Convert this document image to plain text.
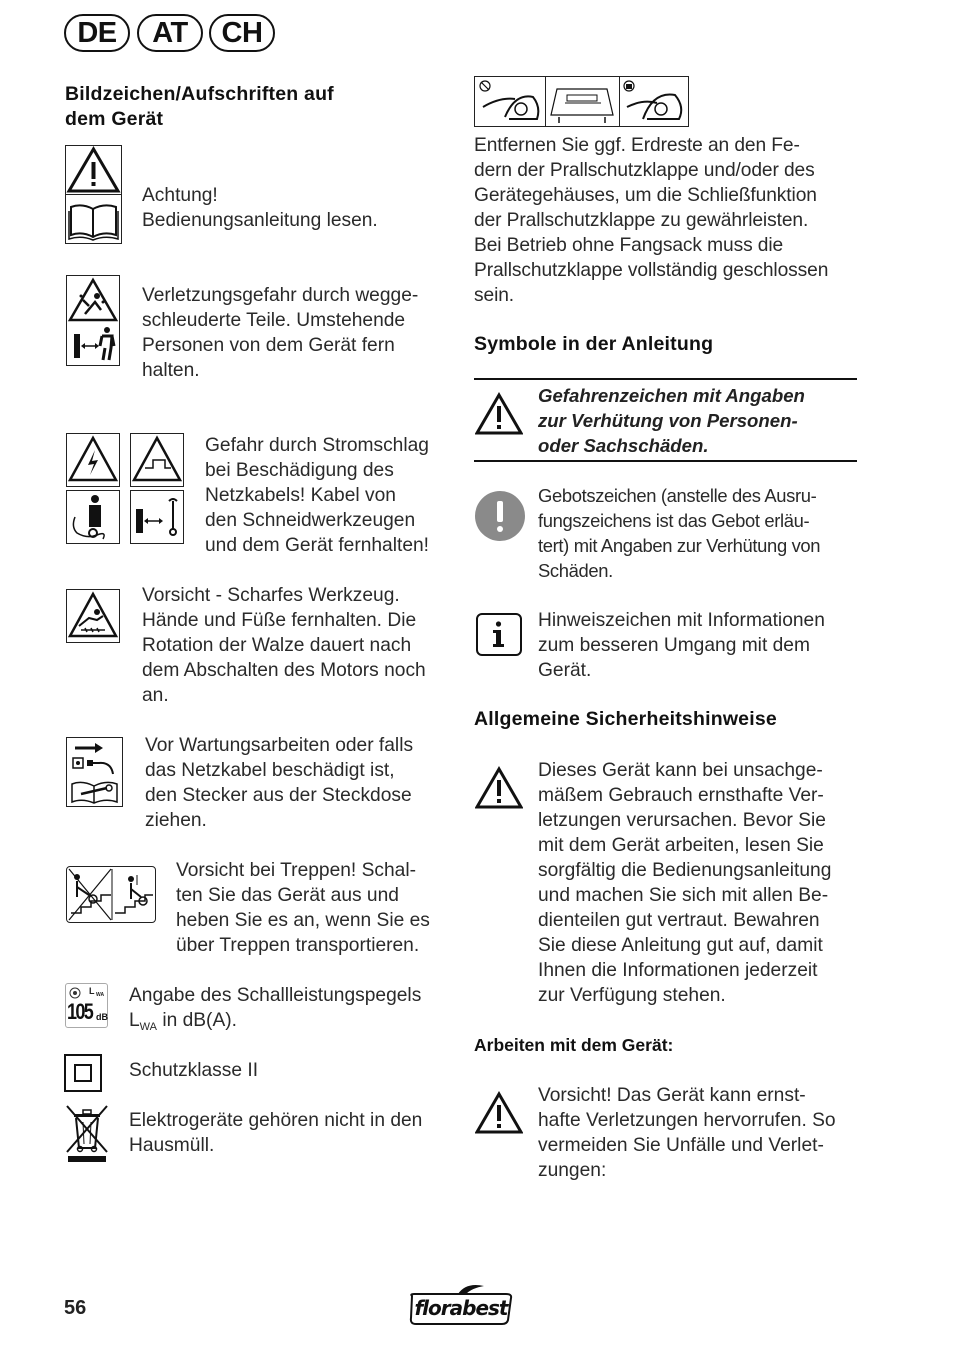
DE	AT	CH
Bildzeichen/Aufschriften auf
dem Gerät
Achtung!
Bedienungsanleitung lesen.
Verletzungsgefahr durch wegge-
schleuderte Teile. Umstehende
Personen von dem Gerät fern
halten.
Gefahr durch Stromschlag
bei Beschädigung des
Netzkabels! Kabel von
den Schneidwerkzeugen
und dem Gerät fernhalten!
Vorsicht - Scharfes Werkzeug.
Hände und Füße fernhalten. Die
Rotation der Walze dauert nach
dem Abschalten des Motors noch
an.
Vor Wartungsarbeiten oder falls
das Netzkabel beschädigt ist,
den Stecker aus der Steckdose
ziehen.
Vorsicht bei Treppen! Schal-
ten Sie das Gerät aus und
heben Sie es an, wenn Sie es
über Treppen transportieren.
L WA
105 dB
Angabe des Schallleistungspegels
$L_{WA}$ in dB(A).
Schutzklasse II
Elektrogeräte gehören nicht in den
Hausmüll.
Entfernen Sie ggf. Erdreste an den Fe-
dern der Prallschutzklappe und/oder des
Gerätegehäuses, um die Schließfunktion
der Prallschutzklappe zu gewährleisten.
Bei Betrieb ohne Fangsack muss die
Prallschutzklappe vollständig geschlossen
sein.
Symbole in der Anleitung
Gefahrenzeichen mit Angaben
zur Verhütung von Personen-
oder Sachschäden.
Gebotszeichen (anstelle des Ausru-
fungszeichens ist das Gebot erläu-
tert) mit Angaben zur Verhütung von
Schäden.
Hinweiszeichen mit Informationen
zum besseren Umgang mit dem
Gerät.
Allgemeine Sicherheitshinweise
Dieses Gerät kann bei unsachge-
mäßem Gebrauch ernsthafte Ver-
letzungen verursachen. Bevor Sie
mit dem Gerät arbeiten, lesen Sie
sorgfältig die Bedienungsanleitung
und machen Sie sich mit allen Be-
dienteilen gut vertraut. Bewahren
Sie diese Anleitung gut auf, damit
Ihnen die Informationen jederzeit
zur Verfügung stehen.
Arbeiten mit dem Gerät:
Vorsicht! Das Gerät kann ernst-
hafte Verletzungen hervorrufen. So
vermeiden Sie Unfälle und Verlet-
zungen:
56	florabest
